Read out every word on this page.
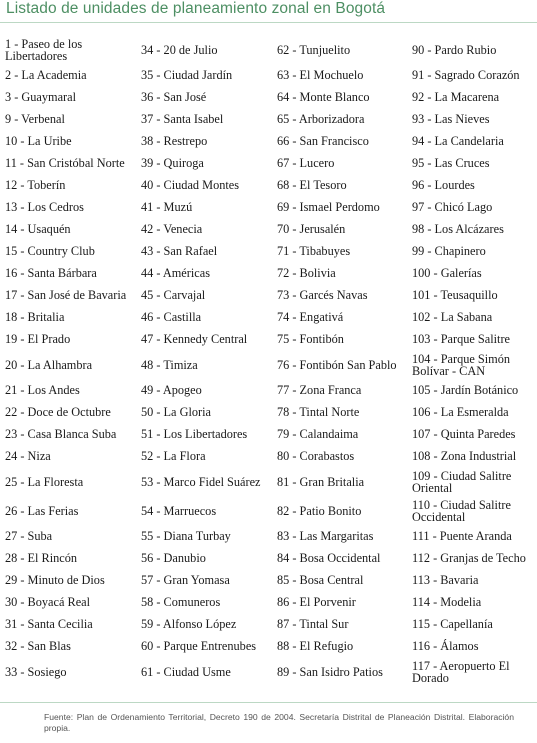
Listado de unidades de planeamiento zonal en Bogotá
1 - Paseo de los Libertadores	34 - 20 de Julio	62 - Tunjuelito	90 - Pardo Rubio
2 - La Academia	35 - Ciudad Jardín	63 - El Mochuelo	91 - Sagrado Corazón
3 - Guaymaral	36 - San José	64 - Monte Blanco	92 - La Macarena
9 - Verbenal	37 - Santa Isabel	65 - Arborizadora	93 - Las Nieves
10 - La Uribe	38 - Restrepo	66 - San Francisco	94 - La Candelaria
11 - San Cristóbal Norte	39 - Quiroga	67 - Lucero	95 - Las Cruces
12 - Toberín	40 - Ciudad Montes	68 - El Tesoro	96 - Lourdes
13 - Los Cedros	41 - Muzú	69 - Ismael Perdomo	97 - Chicó Lago
14 - Usaquén	42 - Venecia	70 - Jerusalén	98 - Los Alcázares
15 - Country Club	43 - San Rafael	71 - Tibabuyes	99 - Chapinero
16 - Santa Bárbara	44 - Américas	72 - Bolivia	100 - Galerías
17 - San José de Bavaria	45 - Carvajal	73 - Garcés Navas	101 - Teusaquillo
18 - Britalia	46 - Castilla	74 - Engativá	102 - La Sabana
19 - El Prado	47 - Kennedy Central	75 - Fontibón	103 - Parque Salitre
20 - La Alhambra	48 - Timiza	76 - Fontibón San Pablo	104 - Parque Simón Bolívar - CAN
21 - Los Andes	49 - Apogeo	77 - Zona Franca	105 - Jardín Botánico
22 - Doce de Octubre	50 - La Gloria	78 - Tintal Norte	106 - La Esmeralda
23 - Casa Blanca Suba	51 - Los Libertadores	79 - Calandaima	107 - Quinta Paredes
24 - Niza	52 - La Flora	80 - Corabastos	108 - Zona Industrial
25 - La Floresta	53 - Marco Fidel Suárez	81 - Gran Britalia	109 - Ciudad Salitre Oriental
26 - Las Ferias	54 - Marruecos	82 - Patio Bonito	110 - Ciudad Salitre Occidental
27 - Suba	55 - Diana Turbay	83 - Las Margaritas	111 - Puente Aranda
28 - El Rincón	56 - Danubio	84 - Bosa Occidental	112 - Granjas de Techo
29 - Minuto de Dios	57 - Gran Yomasa	85 - Bosa Central	113 - Bavaria
30 - Boyacá Real	58 - Comuneros	86 - El Porvenir	114 - Modelia
31 - Santa Cecilia	59 - Alfonso López	87 - Tintal Sur	115 - Capellanía
32 - San Blas	60 - Parque Entrenubes	88 - El Refugio	116 - Álamos
33 - Sosiego	61 - Ciudad Usme	89 - San Isidro Patios	117 - Aeropuerto El Dorado
Fuente: Plan de Ordenamiento Territorial, Decreto 190 de 2004. Secretaría Distrital de Planeación Distrital. Elaboración propia.
